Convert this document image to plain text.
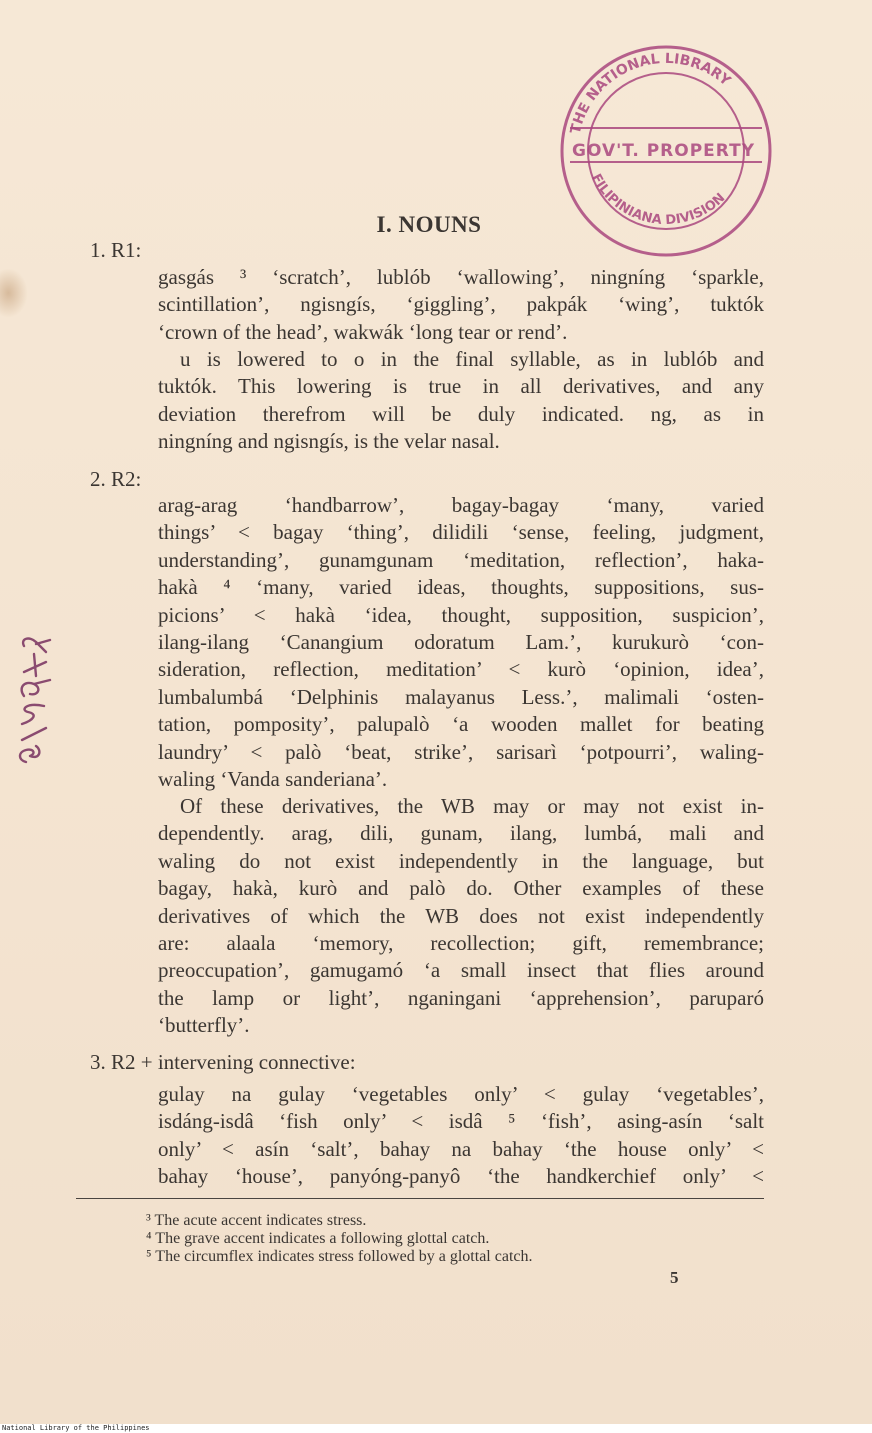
THE NATIONAL LIBRARY
GOV'T. PROPERTY
FILIPINIANA DIVISION
I. NOUNS
1. R1:
gasgás ³ ‘scratch’, lublób ‘wallowing’, ningníng ‘sparkle,
scintillation’, ngisngís, ‘giggling’, pakpák ‘wing’, tuktók
‘crown of the head’, wakwák ‘long tear or rend’.
u is lowered to o in the final syllable, as in lublób and
tuktók. This lowering is true in all derivatives, and any
deviation therefrom will be duly indicated. ng, as in
ningníng and ngisngís, is the velar nasal.
2. R2:
arag-arag ‘handbarrow’, bagay-bagay ‘many, varied
things’ < bagay ‘thing’, dilidili ‘sense, feeling, judgment,
understanding’, gunamgunam ‘meditation, reflection’, haka-
hakà ⁴ ‘many, varied ideas, thoughts, suppositions, sus-
picions’ < hakà ‘idea, thought, supposition, suspicion’,
ilang-ilang ‘Canangium odoratum Lam.’, kurukurò ‘con-
sideration, reflection, meditation’ < kurò ‘opinion, idea’,
lumbalumbá ‘Delphinis malayanus Less.’, malimali ‘osten-
tation, pomposity’, palupalò ‘a wooden mallet for beating
laundry’ < palò ‘beat, strike’, sarisarì ‘potpourri’, waling-
waling ‘Vanda sanderiana’.
Of these derivatives, the WB may or may not exist in-
dependently. arag, dili, gunam, ilang, lumbá, mali and
waling do not exist independently in the language, but
bagay, hakà, kurò and palò do. Other examples of these
derivatives of which the WB does not exist independently
are: alaala ‘memory, recollection; gift, remembrance;
preoccupation’, gamugamó ‘a small insect that flies around
the lamp or light’, nganingani ‘apprehension’, paruparó
‘butterfly’.
3. R2 + intervening connective:
gulay na gulay ‘vegetables only’ < gulay ‘vegetables’,
isdáng-isdâ ‘fish only’ < isdâ ⁵ ‘fish’, asing-asín ‘salt
only’ < asín ‘salt’, bahay na bahay ‘the house only’ <
bahay ‘house’, panyóng-panyô ‘the handkerchief only’ <
³ The acute accent indicates stress.
⁴ The grave accent indicates a following glottal catch.
⁵ The circumflex indicates stress followed by a glottal catch.
5
National Library of the Philippines
